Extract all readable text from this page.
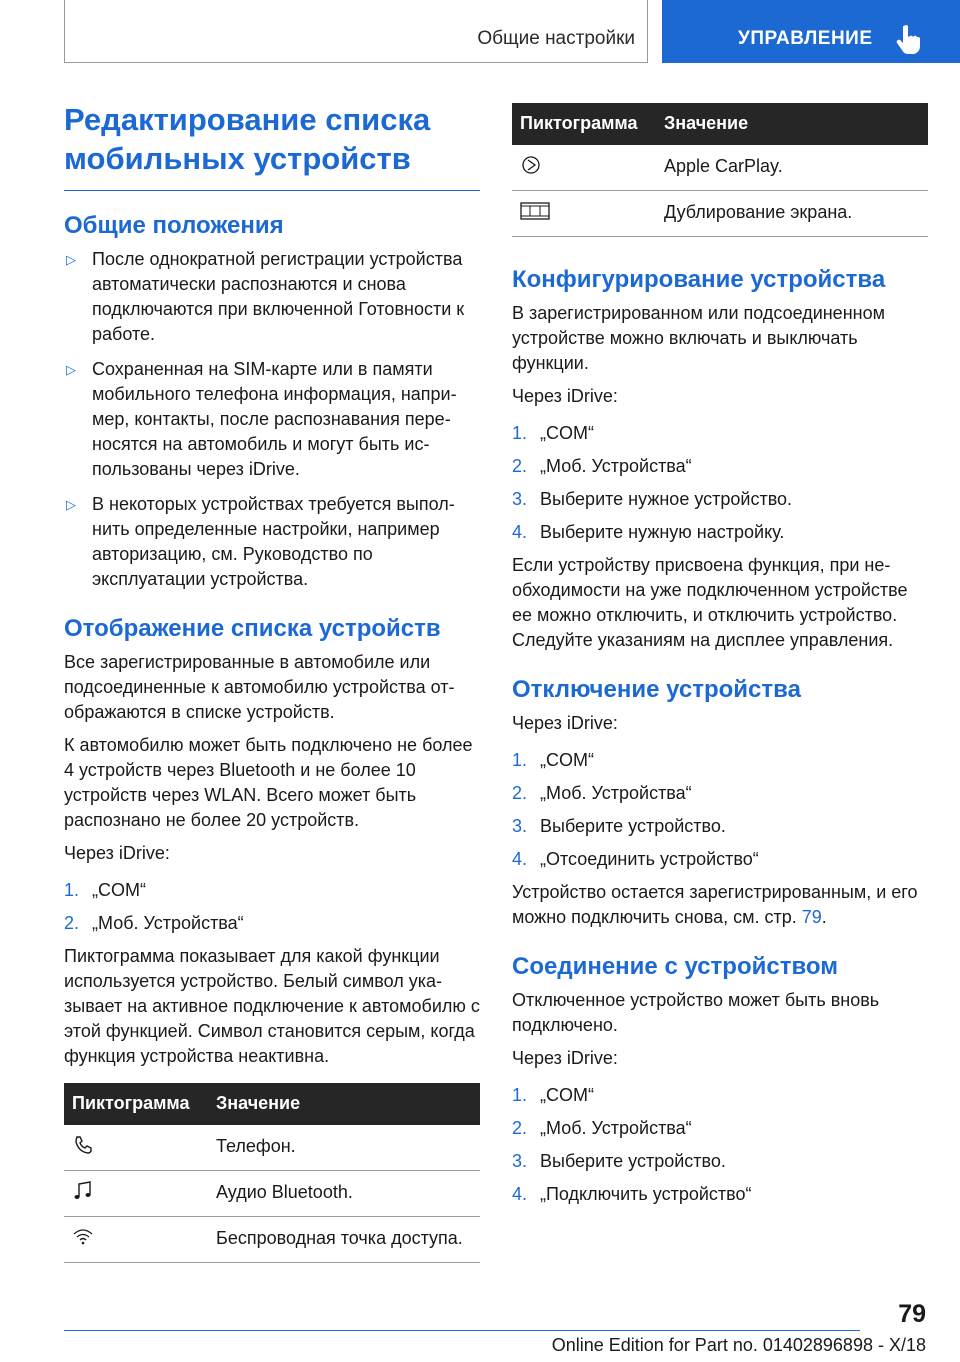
Общие настройки	УПРАВЛЕНИЕ
Редактирование списка мобильных устройств
Общие положения
▷ После однократной регистрации устройства автоматически распознаются и снова подключаются при включенной Готовности к работе.
▷ Сохраненная на SIM-карте или в памяти мобильного телефона информация, например, контакты, после распознавания переносятся на автомобиль и могут быть использованы через iDrive.
▷ В некоторых устройствах требуется выполнить определенные настройки, например авторизацию, см. Руководство по эксплуатации устройства.
Отображение списка устройств

Все зарегистрированные в автомобиле или подсоединенные к автомобилю устройства отображаются в списке устройств.

К автомобилю может быть подключено не более 4 устройств через Bluetooth и не более 10 устройств через WLAN. Всего может быть распознано не более 20 устройств.

Через iDrive:

1. „COM“
2. „Моб. Устройства“

Пиктограмма показывает для какой функции используется устройство. Белый символ указывает на активное подключение к автомобилю с этой функцией. Символ становится серым, когда функция устройства неактивна.

Пиктограмма	Значение
	Телефон.
	Аудио Bluetooth.
	Беспроводная точка доступа.
Пиктограмма	Значение
	Apple CarPlay.
	Дублирование экрана.
Конфигурирование устройства

В зарегистрированном или подсоединенном устройстве можно включать и выключать функции.

Через iDrive:

1. „COM“
2. „Моб. Устройства“
3. Выберите нужное устройство.
4. Выберите нужную настройку.

Если устройству присвоена функция, при необходимости на уже подключенном устройстве ее можно отключить, и отключить устройство. Следуйте указаниям на дисплее управления.

Отключение устройства

Через iDrive:

1. „COM“
2. „Моб. Устройства“
3. Выберите устройство.
4. „Отсоединить устройство“

Устройство остается зарегистрированным, и его можно подключить снова, см. стр. 79.

Соединение с устройством

Отключенное устройство может быть вновь подключено.

Через iDrive:

1. „COM“
2. „Моб. Устройства“
3. Выберите устройство.
4. „Подключить устройство“
79
Online Edition for Part no. 01402896898 - X/18
